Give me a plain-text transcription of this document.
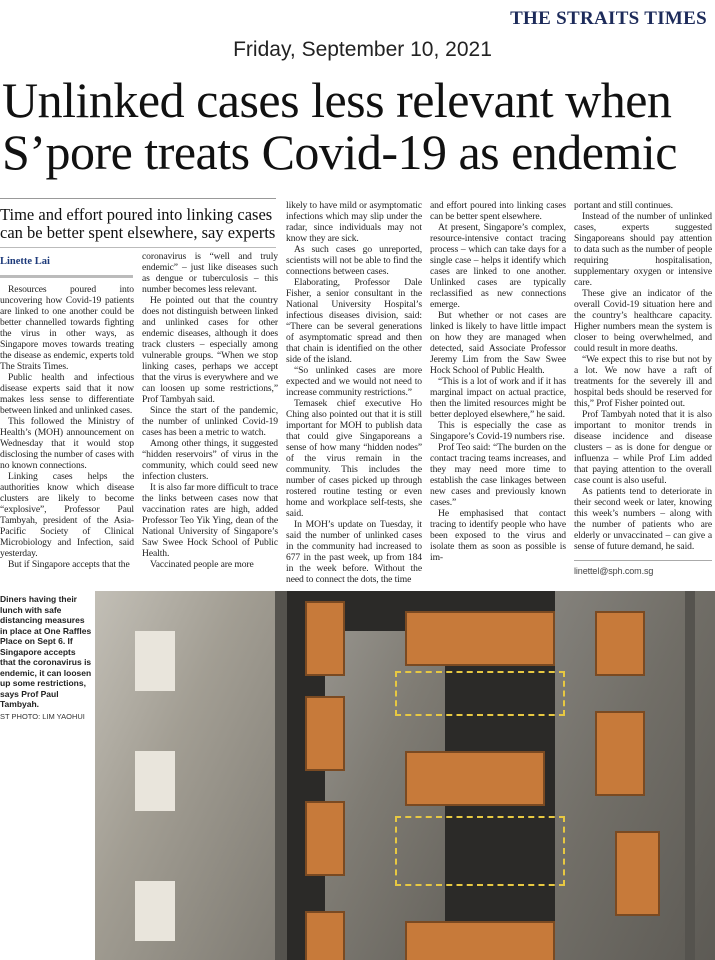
THE STRAITS TIMES
Friday, September 10, 2021
Unlinked cases less relevant when
S’pore treats Covid-19 as endemic
Time and effort poured into linking cases can be better spent elsewhere, say experts
Linette Lai

Resources poured into uncovering how Covid-19 patients are linked to one another could be better channelled towards fighting the virus in other ways, as Singapore moves towards treating the disease as endemic, experts told The Straits Times.

Public health and infectious disease experts said that it now makes less sense to differentiate between linked and unlinked cases.

This followed the Ministry of Health’s (MOH) announcement on Wednesday that it would stop disclosing the number of cases with no known connections.

Linking cases helps the authorities know which disease clusters are likely to become “explosive”, Professor Paul Tambyah, president of the Asia-Pacific Society of Clinical Microbiology and Infection, said yesterday.

But if Singapore accepts that the

coronavirus is “well and truly endemic” – just like diseases such as dengue or tuberculosis – this number becomes less relevant.

He pointed out that the country does not distinguish between linked and unlinked cases for other endemic diseases, although it does track clusters – especially among vulnerable groups. “When we stop linking cases, perhaps we accept that the virus is everywhere and we can loosen up some restrictions,” Prof Tambyah said.

Since the start of the pandemic, the number of unlinked Covid-19 cases has been a metric to watch.

Among other things, it suggested “hidden reservoirs” of virus in the community, which could seed new infection clusters.

It is also far more difficult to trace the links between cases now that vaccination rates are high, added Professor Teo Yik Ying, dean of the National University of Singapore’s Saw Swee Hock School of Public Health.

Vaccinated people are more

likely to have mild or asymptomatic infections which may slip under the radar, since individuals may not know they are sick.

As such cases go unreported, scientists will not be able to find the connections between cases.

Elaborating, Professor Dale Fisher, a senior consultant in the National University Hospital’s infectious diseases division, said: “There can be several generations of asymptomatic spread and then that chain is identified on the other side of the island.

“So unlinked cases are more expected and we would not need to increase community restrictions.”

Temasek chief executive Ho Ching also pointed out that it is still important for MOH to publish data that could give Singaporeans a sense of how many “hidden nodes” of the virus remain in the community. This includes the number of cases picked up through rostered routine testing or even home and workplace self-tests, she said.

In MOH’s update on Tuesday, it said the number of unlinked cases in the community had increased to 677 in the past week, up from 184 in the week before. Without the need to connect the dots, the time

and effort poured into linking cases can be better spent elsewhere.

At present, Singapore’s complex, resource-intensive contact tracing process – which can take days for a single case – helps it identify which cases are linked to one another. Unlinked cases are typically reclassified as new connections emerge.

But whether or not cases are linked is likely to have little impact on how they are managed when detected, said Associate Professor Jeremy Lim from the Saw Swee Hock School of Public Health.

“This is a lot of work and if it has marginal impact on actual practice, then the limited resources might be better deployed elsewhere,” he said.

This is especially the case as Singapore’s Covid-19 numbers rise.

Prof Teo said: “The burden on the contact tracing teams increases, and they may need more time to establish the case linkages between new cases and previously known cases.”

He emphasised that contact tracing to identify people who have been exposed to the virus and isolate them as soon as possible is im-

portant and still continues.

Instead of the number of unlinked cases, experts suggested Singaporeans should pay attention to data such as the number of people requiring hospitalisation, supplementary oxygen or intensive care.

These give an indicator of the overall Covid-19 situation here and the country’s healthcare capacity. Higher numbers mean the system is closer to being overwhelmed, and could result in more deaths.

“We expect this to rise but not by a lot. We now have a raft of treatments for the severely ill and hospital beds should be reserved for this,” Prof Fisher pointed out.

Prof Tambyah noted that it is also important to monitor trends in disease incidence and disease clusters – as is done for dengue or influenza – while Prof Lim added that paying attention to the overall case count is also useful.

As patients tend to deteriorate in their second week or later, knowing this week’s numbers – along with the number of patients who are elderly or unvaccinated – can give a sense of future demand, he said.

linettel@sph.com.sg
Diners having their lunch with safe distancing measures in place at One Raffles Place on Sept 6. If Singapore accepts that the coronavirus is endemic, it can loosen up some restrictions, says Prof Paul Tambyah.
ST PHOTO: LIM YAOHUI
